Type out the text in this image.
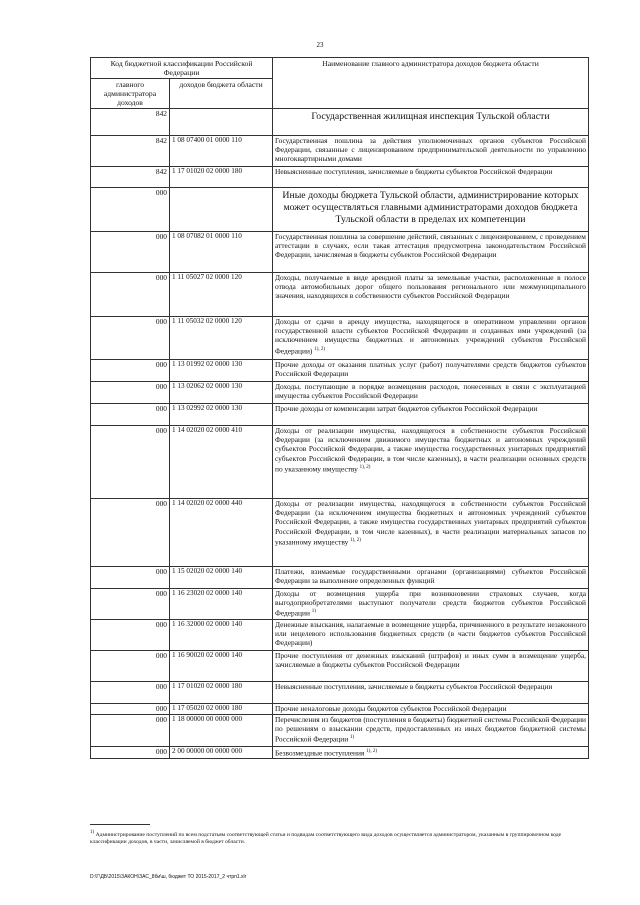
23
Код бюджетной классификации Российской Федерации		Наименование главного администратора доходов бюджета области
главного администратора доходов	доходов бюджета области	
842		Государственная жилищная инспекция Тульской области
842	1 08 07400 01 0000 110	Государственная пошлина за действия уполномоченных органов субъектов Российской Федерации, связанные с лицензированием предпринимательской деятельности по управлению многоквартирными домами
842	1 17 01020 02 0000 180	Невыясненные поступления, зачисляемые в бюджеты субъектов Российской Федерации
000		Иные доходы бюджета Тульской области, администрирование которых может осуществляться главными администраторами доходов бюджета Тульской области в пределах их компетенции
000	1 08 07082 01 0000 110	Государственная пошлина за совершение действий, связанных с лицензированием, с проведением аттестации в случаях, если такая аттестация предусмотрена законодательством Российской Федерации, зачисляемая в бюджеты субъектов Российской Федерации
000	1 11 05027 02 0000 120	Доходы, получаемые в виде арендной платы за земельные участки, расположенные в полосе отвода автомобильных дорог общего пользования регионального или межмуниципального значения, находящихся в собственности субъектов Российской Федерации
000	1 11 05032 02 0000 120	Доходы от сдачи в аренду имущества, находящегося в оперативном управлении органов государственной власти субъектов Российской Федерации и созданных ими учреждений (за исключением имущества бюджетных и автономных учреждений субъектов Российской Федерации) $^{1), 2)}$
000	1 13 01992 02 0000 130	Прочие доходы от оказания платных услуг (работ) получателями средств бюджетов субъектов Российской Федерации
000	1 13 02062 02 0000 130	Доходы, поступающие в порядке возмещения расходов, понесенных в связи с эксплуатацией имущества субъектов Российской Федерации
000	1 13 02992 02 0000 130	Прочие доходы от компенсации затрат бюджетов субъектов Российской Федерации
000	1 14 02020 02 0000 410	Доходы от реализации имущества, находящегося в собственности субъектов Российской Федерации (за исключением движимого имущества бюджетных и автономных учреждений субъектов Российской Федерации, а также имущества государственных унитарных предприятий субъектов Российской Федерации, в том числе казенных), в части реализации основных средств по указанному имуществу $^{1), 2)}$
000	1 14 02020 02 0000 440	Доходы от реализации имущества, находящегося в собственности субъектов Российской Федерации (за исключением имущества бюджетных и автономных учреждений субъектов Российской Федерации, а также имущества государственных унитарных предприятий субъектов Российской Федерации, в том числе казенных), в части реализации материальных запасов по указанному имуществу $^{1), 2)}$
000	1 15 02020 02 0000 140	Платежи, взимаемые государственными органами (организациями) субъектов Российской Федерации за выполнение определенных функций
000	1 16 23020 02 0000 140	Доходы от возмещения ущерба при возникновении страховых случаев, когда выгодоприобретателями выступают получатели средств бюджетов субъектов Российской Федерации $^{1)}$
000	1 16 32000 02 0000 140	Денежные взыскания, налагаемые в возмещение ущерба, причиненного в результате незаконного или нецелевого использования бюджетных средств (в части бюджетов субъектов Российской Федерации)
000	1 16 90020 02 0000 140	Прочие поступления от денежных взысканий (штрафов) и иных сумм в возмещение ущерба, зачисляемые в бюджеты субъектов Российской Федерации
000	1 17 01020 02 0000 180	Невыясненные поступления, зачисляемые в бюджеты субъектов Российской Федерации
000	1 17 05020 02 0000 180	Прочие неналоговые доходы бюджетов субъектов Российской Федерации
000	1 18 00000 00 0000 000	Перечисления из бюджетов (поступления в бюджеты) бюджетной системы Российской Федерации по решениям о взыскании средств, предоставленных из иных бюджетов бюджетной системы Российской Федерации $^{1)}$
000	2 00 00000 00 0000 000	Безвозмездные поступления $^{1), 2)}$
$^{1)}$ Администрирование поступлений по всем подстатьям соответствующей статьи и подвидам соответствующего вида доходов осуществляется администратором, указанным в группировочном коде классификации доходов, в части, зачисляемой в бюджет области.
D:\Г\ДБ\2015\ЗАКОН\ЗАС_8би\ш, бюджет ТО 2015-2017_2 чтрп1.xlr
